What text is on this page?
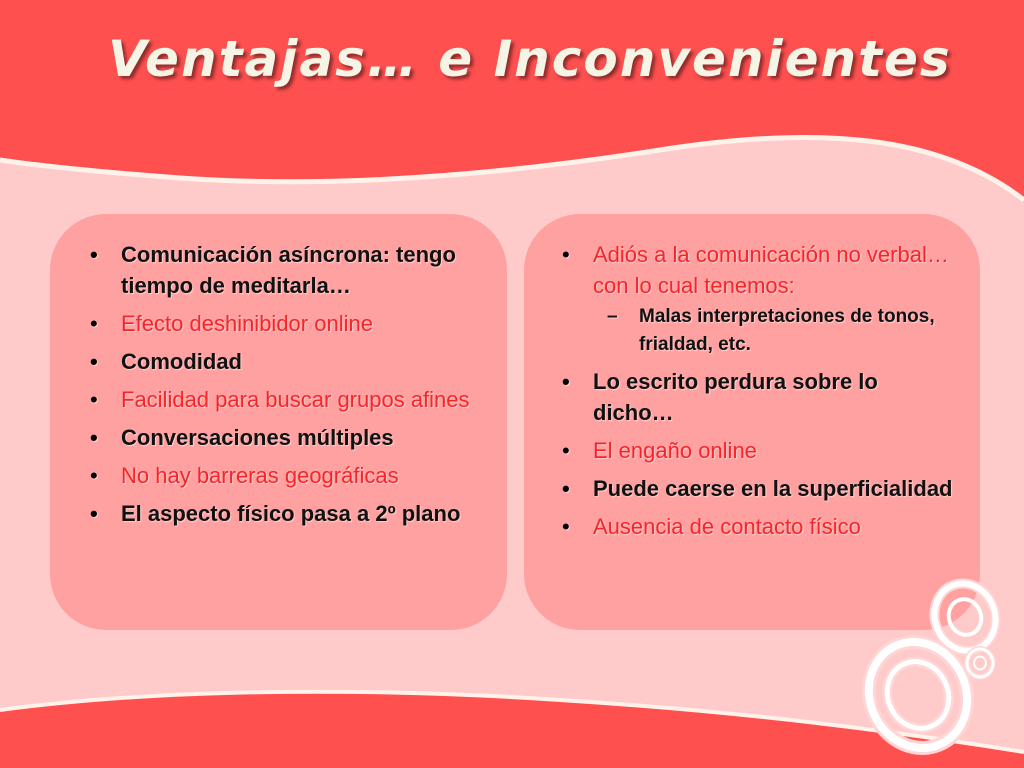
Ventajas… e Inconvenientes
• Comunicación asíncrona: tengo tiempo de meditarla…
• Efecto deshinibidor online
• Comodidad
• Facilidad para buscar grupos afines
• Conversaciones múltiples
• No hay barreras geográficas
• El aspecto físico pasa a 2º plano
• Adiós a la comunicación no verbal… con lo cual tenemos:
– Malas interpretaciones de tonos, frialdad, etc.
• Lo escrito perdura sobre lo dicho…
• El engaño online
• Puede caerse en la superficialidad
• Ausencia de contacto físico
